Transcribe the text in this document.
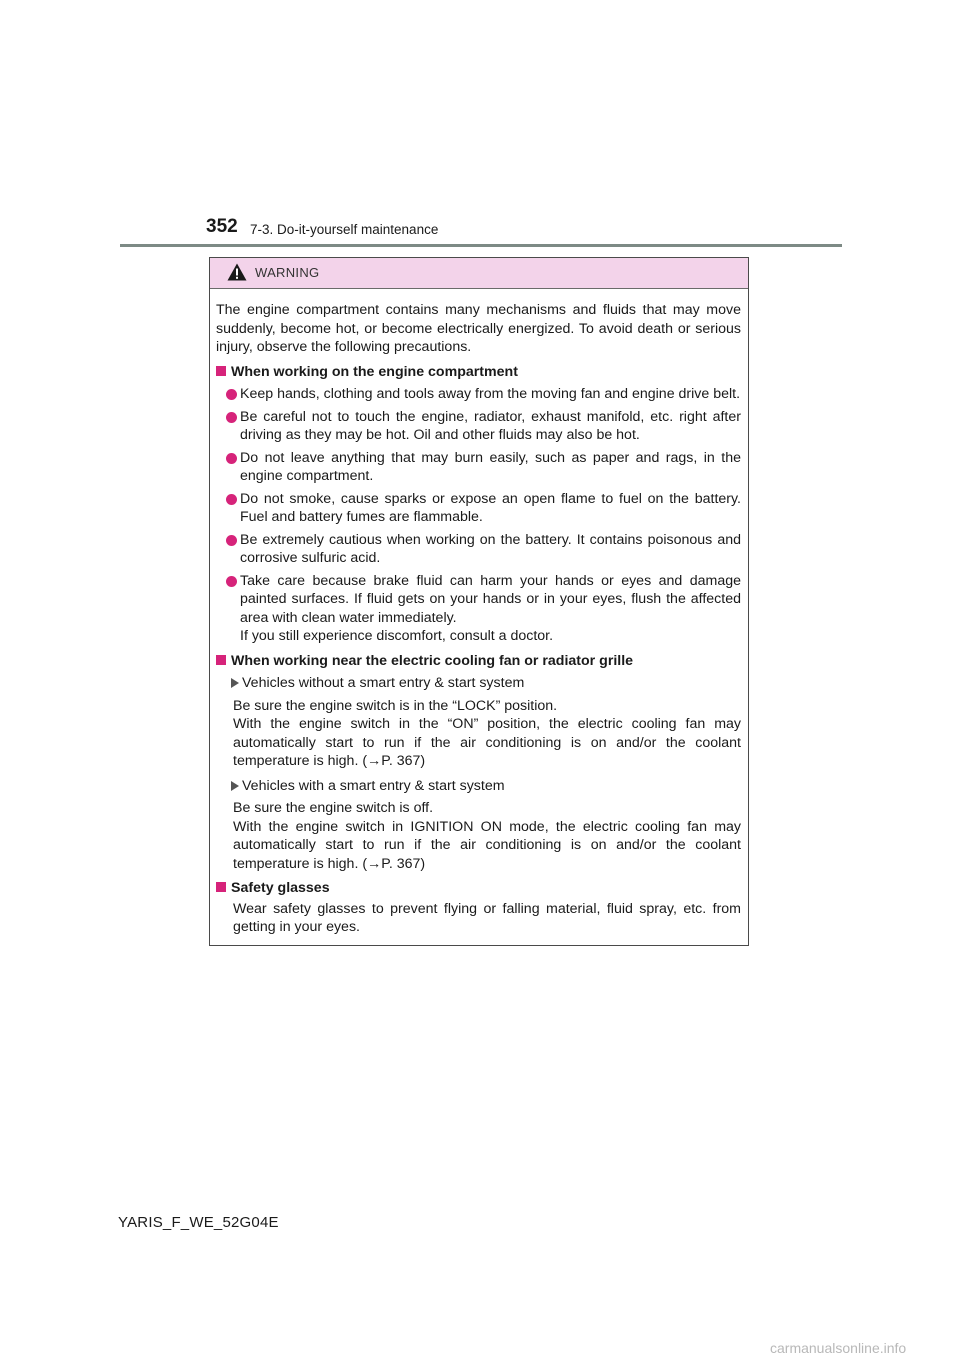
352 7-3. Do-it-yourself maintenance
WARNING

The engine compartment contains many mechanisms and fluids that may move suddenly, become hot, or become electrically energized. To avoid death or serious injury, observe the following precautions.

When working on the engine compartment
Keep hands, clothing and tools away from the moving fan and engine drive belt.
Be careful not to touch the engine, radiator, exhaust manifold, etc. right after driving as they may be hot. Oil and other fluids may also be hot.
Do not leave anything that may burn easily, such as paper and rags, in the engine compartment.
Do not smoke, cause sparks or expose an open flame to fuel on the battery. Fuel and battery fumes are flammable.
Be extremely cautious when working on the battery. It contains poisonous and corrosive sulfuric acid.
Take care because brake fluid can harm your hands or eyes and damage painted surfaces. If fluid gets on your hands or in your eyes, flush the affected area with clean water immediately.
If you still experience discomfort, consult a doctor.
When working near the electric cooling fan or radiator grille
Vehicles without a smart entry & start system
Be sure the engine switch is in the “LOCK” position.
With the engine switch in the “ON” position, the electric cooling fan may automatically start to run if the air conditioning is on and/or the coolant temperature is high. (→P. 367)
Vehicles with a smart entry & start system
Be sure the engine switch is off.
With the engine switch in IGNITION ON mode, the electric cooling fan may automatically start to run if the air conditioning is on and/or the coolant temperature is high. (→P. 367)
Safety glasses
Wear safety glasses to prevent flying or falling material, fluid spray, etc. from getting in your eyes.
YARIS_F_WE_52G04E
carmanualsonline.info
